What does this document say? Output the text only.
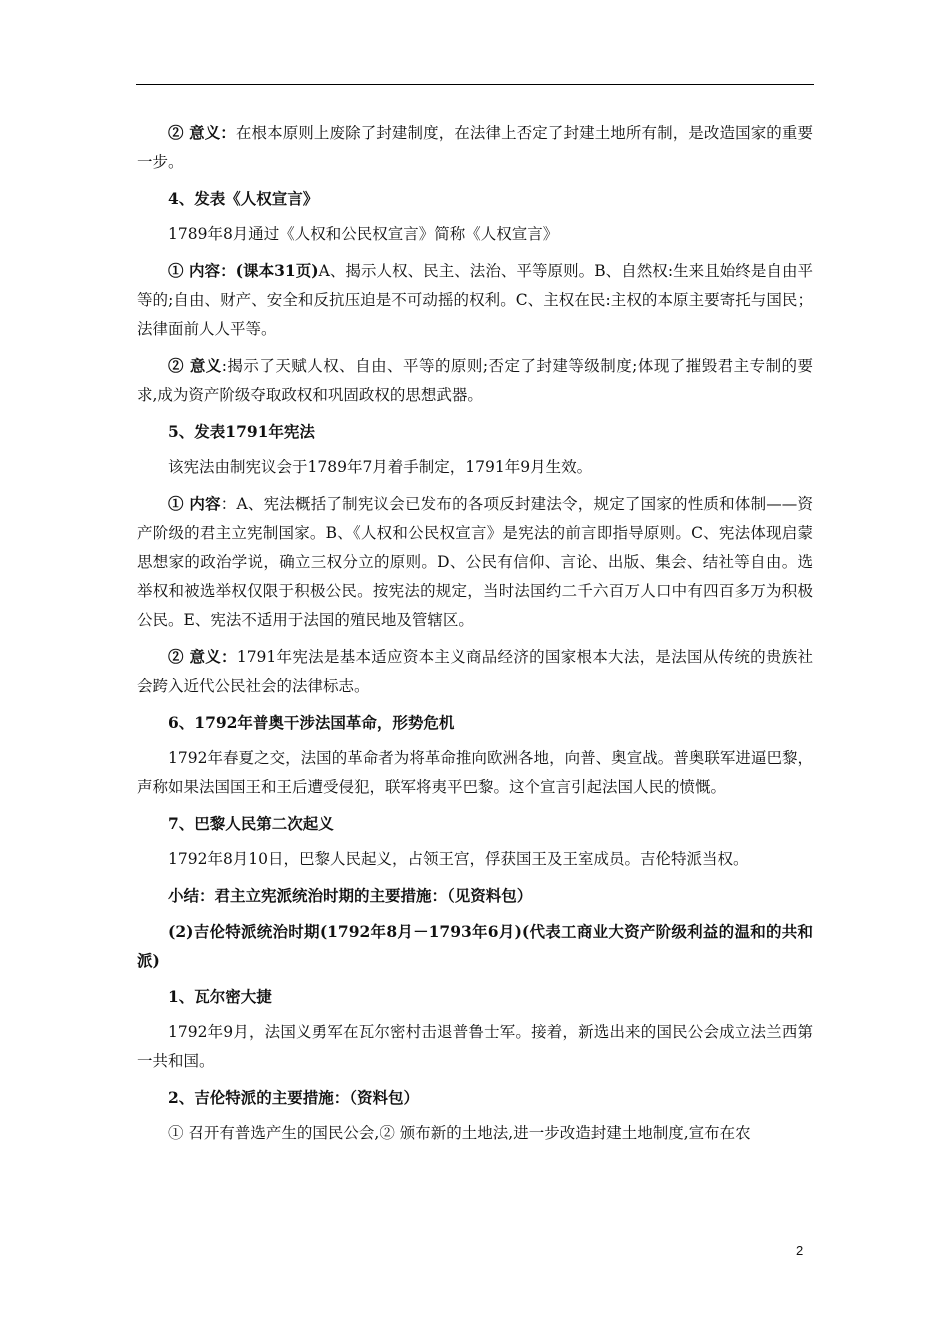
② 意义：在根本原则上废除了封建制度，在法律上否定了封建土地所有制，是改造国家的重要一步。

4、发表《人权宣言》

1789年8月通过《人权和公民权宣言》简称《人权宣言》

① 内容：(课本31页)A、揭示人权、民主、法治、平等原则。B、自然权:生来且始终是自由平等的;自由、财产、安全和反抗压迫是不可动摇的权利。C、主权在民:主权的本原主要寄托与国民；法律面前人人平等。

② 意义:揭示了天赋人权、自由、平等的原则;否定了封建等级制度;体现了摧毁君主专制的要求,成为资产阶级夺取政权和巩固政权的思想武器。

5、发表1791年宪法

该宪法由制宪议会于1789年7月着手制定，1791年9月生效。

① 内容：A、宪法概括了制宪议会已发布的各项反封建法令，规定了国家的性质和体制——资产阶级的君主立宪制国家。B、《人权和公民权宣言》是宪法的前言即指导原则。C、宪法体现启蒙思想家的政治学说，确立三权分立的原则。D、公民有信仰、言论、出版、集会、结社等自由。选举权和被选举权仅限于积极公民。按宪法的规定，当时法国约二千六百万人口中有四百多万为积极公民。E、宪法不适用于法国的殖民地及管辖区。

② 意义：1791年宪法是基本适应资本主义商品经济的国家根本大法，是法国从传统的贵族社会跨入近代公民社会的法律标志。

6、1792年普奥干涉法国革命，形势危机

1792年春夏之交，法国的革命者为将革命推向欧洲各地，向普、奥宣战。普奥联军进逼巴黎，声称如果法国国王和王后遭受侵犯，联军将夷平巴黎。这个宣言引起法国人民的愤慨。

7、巴黎人民第二次起义

1792年8月10日，巴黎人民起义，占领王宫，俘获国王及王室成员。吉伦特派当权。

小结：君主立宪派统治时期的主要措施：（见资料包）

(2)吉伦特派统治时期(1792年8月－1793年6月)(代表工商业大资产阶级利益的温和的共和派)

1、瓦尔密大捷

1792年9月，法国义勇军在瓦尔密村击退普鲁士军。接着，新选出来的国民公会成立法兰西第一共和国。

2、吉伦特派的主要措施：（资料包）

① 召开有普选产生的国民公会,② 颁布新的土地法,进一步改造封建土地制度,宣布在农

2
